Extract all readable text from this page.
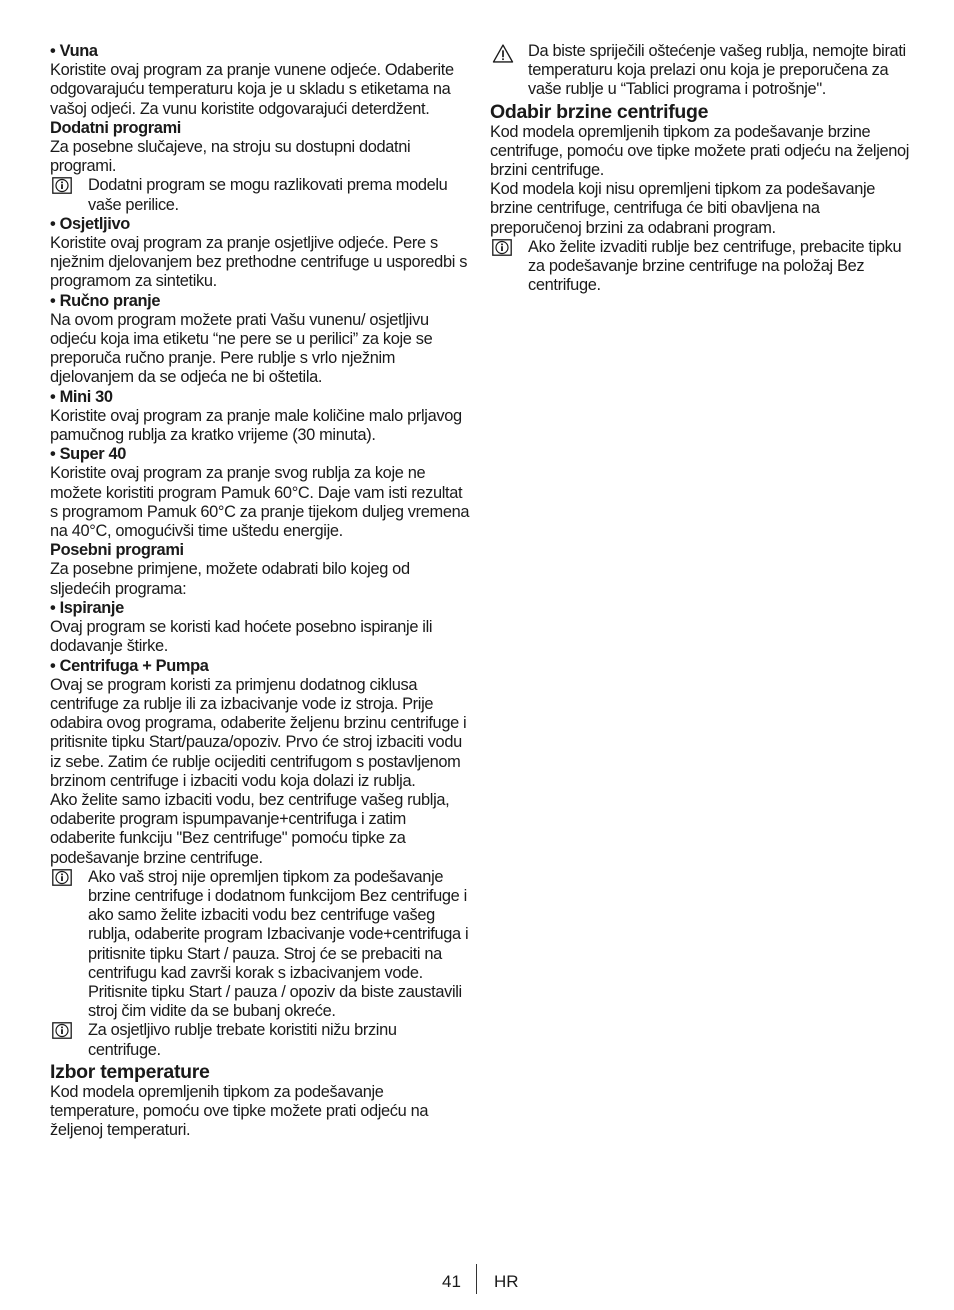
• Vuna

Koristite ovaj program za pranje vunene odjeće. Odaberite odgovarajuću temperaturu koja je u skladu s etiketama na vašoj odjeći. Za vunu koristite odgovarajući deterdžent.

Dodatni programi

Za posebne slučajeve, na stroju su dostupni dodatni programi.

Dodatni program se mogu razlikovati prema modelu vaše perilice.

• Osjetljivo

Koristite ovaj program za pranje osjetljive odjeće. Pere s nježnim djelovanjem bez prethodne centrifuge u usporedbi s programom za sintetiku.

• Ručno pranje

Na ovom program možete prati Vašu vunenu/ osjetljivu odjeću koja ima etiketu “ne pere se u perilici” za koje se preporuča ručno pranje. Pere rublje s vrlo nježnim djelovanjem da se odjeća ne bi oštetila.

• Mini 30

Koristite ovaj program za pranje male količine malo prljavog pamučnog rublja za kratko vrijeme (30 minuta).

• Super 40

Koristite ovaj program za pranje svog rublja za koje ne možete koristiti program Pamuk 60°C. Daje vam isti rezultat s programom Pamuk 60°C za pranje tijekom duljeg vremena na 40°C, omogućivši time uštedu energije.

Posebni programi

Za posebne primjene, možete odabrati bilo kojeg od sljedećih programa:

• Ispiranje

Ovaj program se koristi kad hoćete posebno ispiranje ili dodavanje štirke.

• Centrifuga + Pumpa

Ovaj se program koristi za primjenu dodatnog ciklusa centrifuge za rublje ili za izbacivanje vode iz stroja. Prije odabira ovog programa, odaberite željenu brzinu centrifuge i pritisnite tipku Start/pauza/opoziv. Prvo će stroj izbaciti vodu iz sebe. Zatim će rublje ocijediti centrifugom s postavljenom brzinom centrifuge i izbaciti vodu koja dolazi iz rublja.

Ako želite samo izbaciti vodu, bez centrifuge vašeg rublja, odaberite program ispumpavanje+centrifuga i zatim odaberite funkciju "Bez centrifuge" pomoću tipke za podešavanje brzine centrifuge.

Ako vaš stroj nije opremljen tipkom za podešavanje brzine centrifuge i dodatnom funkcijom Bez centrifuge i ako samo želite izbaciti vodu bez centrifuge vašeg rublja, odaberite program Izbacivanje vode+centrifuga i pritisnite tipku Start / pauza. Stroj će se prebaciti na centrifugu kad završi korak s izbacivanjem vode. Pritisnite tipku Start / pauza / opoziv da biste zaustavili stroj čim vidite da se bubanj okreće.
Za osjetljivo rublje trebate koristiti nižu brzinu centrifuge.

Izbor temperature

Kod modela opremljenih tipkom za podešavanje temperature, pomoću ove tipke možete prati odjeću na željenoj temperaturi.

Da biste spriječili oštećenje vašeg rublja, nemojte birati temperaturu koja prelazi onu koja je preporučena za vaše rublje u “Tablici programa i potrošnje".

Odabir brzine centrifuge

Kod modela opremljenih tipkom za podešavanje brzine centrifuge, pomoću ove tipke možete prati odjeću na željenoj brzini centrifuge.

Kod modela koji nisu opremljeni tipkom za podešavanje brzine centrifuge, centrifuga će biti obavljena na preporučenoj brzini za odabrani program.

Ako želite izvaditi rublje bez centrifuge, prebacite tipku za podešavanje brzine centrifuge na položaj Bez centrifuge.
41 HR
